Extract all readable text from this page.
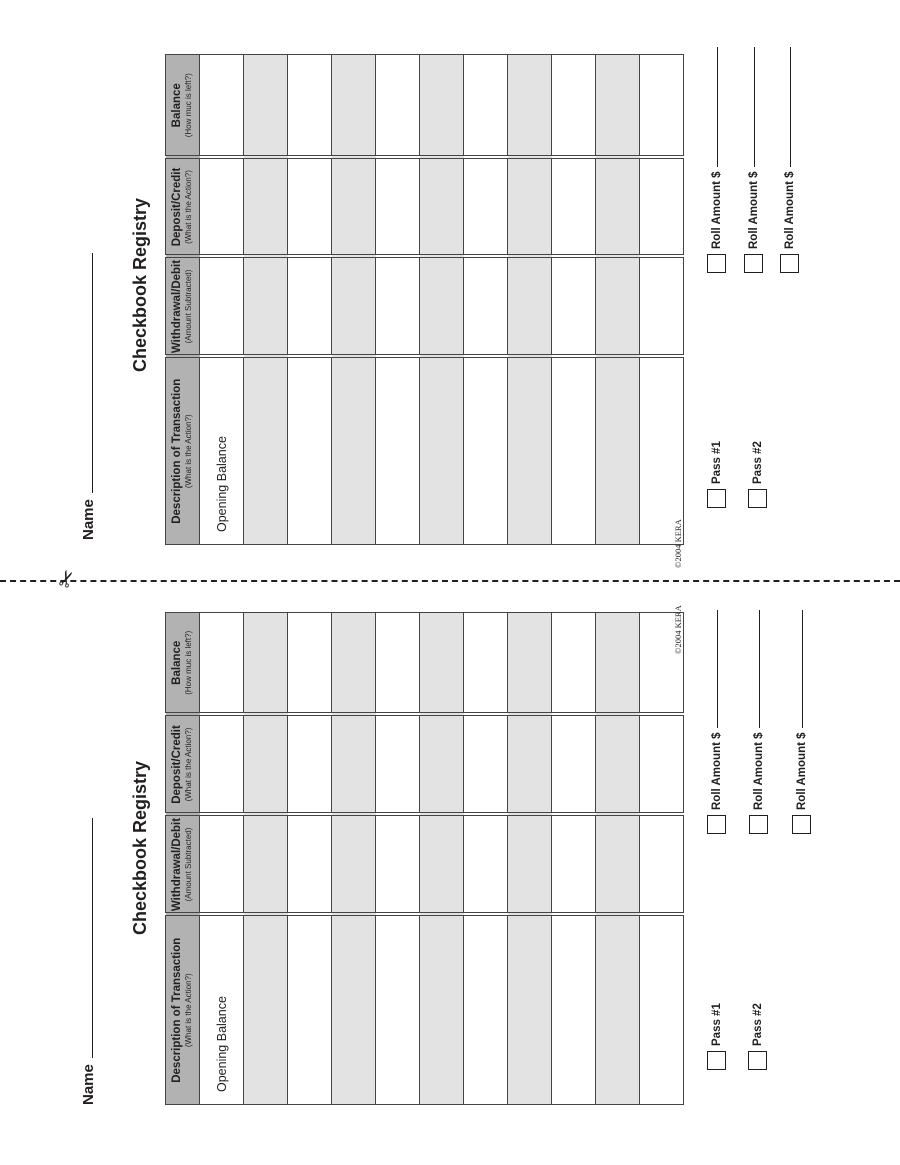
Name
Checkbook Registry
Description of Transaction (What is the Action?)	Withdrawal/Debit (Amount Subtracted)	Deposit/Credit (What is the Action?)	Balance (How muc is left?)

Opening Balance			

©2004 KERA
Pass #1	Pass #2
Roll Amount $ Roll Amount $ Roll Amount $
✂
Name
Checkbook Registry
Description of Transaction (What is the Action?)	Withdrawal/Debit (Amount Subtracted)	Deposit/Credit (What is the Action?)	Balance (How muc is left?)

Opening Balance			

©2004 KERA
Pass #1	Pass #2
Roll Amount $	Roll Amount $	Roll Amount $
